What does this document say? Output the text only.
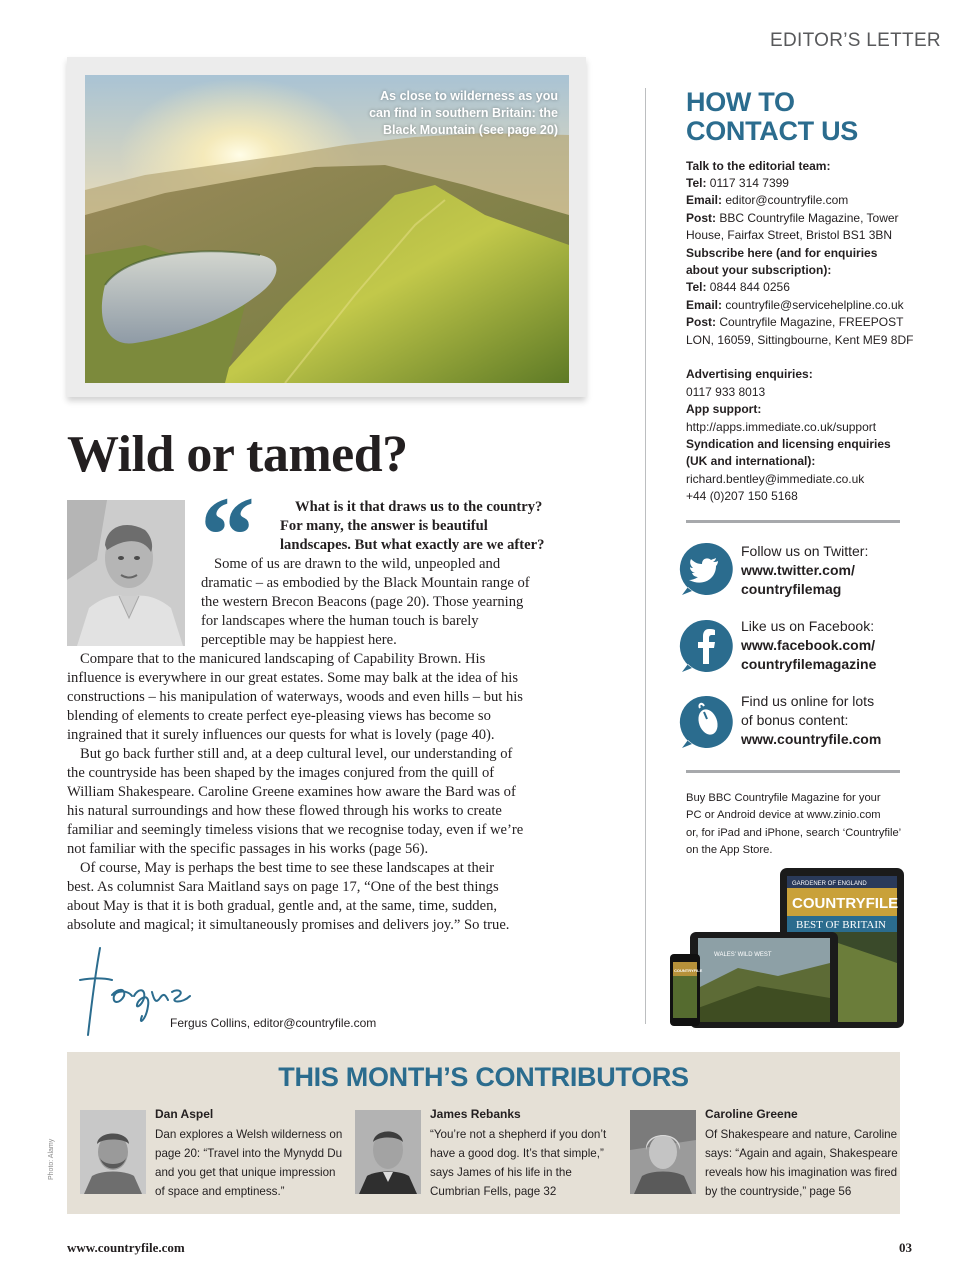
EDITOR’S LETTER
As close to wilderness as you
can find in southern Britain: the
Black Mountain (see page 20)
Wild or tamed?
“	What is it that draws us to the country?
For many, the answer is beautiful
landscapes. But what exactly are we after?
Some of us are drawn to the wild, unpeopled and
dramatic – as embodied by the Black Mountain range of
the western Brecon Beacons (page 20). Those yearning
for landscapes where the human touch is barely
perceptible may be happiest here.
Compare that to the manicured landscaping of Capability Brown. His
influence is everywhere in our great estates. Some may balk at the idea of his
constructions – his manipulation of waterways, woods and even hills – but his
blending of elements to create perfect eye-pleasing views has become so
ingrained that it surely influences our quests for what is lovely (page 40).
But go back further still and, at a deep cultural level, our understanding of
the countryside has been shaped by the images conjured from the quill of
William Shakespeare. Caroline Greene examines how aware the Bard was of
his natural surroundings and how these flowed through his works to create
familiar and seemingly timeless visions that we recognise today, even if we’re
not familiar with the specific passages in his works (page 56).
Of course, May is perhaps the best time to see these landscapes at their
best. As columnist Sara Maitland says on page 17, “One of the best things
about May is that it is both gradual, gentle and, at the same, time, sudden,
absolute and magical; it simultaneously promises and delivers joy.” So true.
Fergus Collins, editor@countryfile.com
HOW TO
CONTACT US
Talk to the editorial team:
Tel: 0117 314 7399
Email: editor@countryfile.com
Post: BBC Countryfile Magazine, Tower
House, Fairfax Street, Bristol BS1 3BN
Subscribe here (and for enquiries
about your subscription):
Tel: 0844 844 0256
Email: countryfile@servicehelpline.co.uk
Post: Countryfile Magazine, FREEPOST
LON, 16059, Sittingbourne, Kent ME9 8DF
Advertising enquiries:
0117 933 8013
App support:
http://apps.immediate.co.uk/support
Syndication and licensing enquiries
(UK and international):
richard.bentley@immediate.co.uk
+44 (0)207 150 5168
Follow us on Twitter:
www.twitter.com/
countryfilemag
Like us on Facebook:
www.facebook.com/
countryfilemagazine
Find us online for lots
of bonus content:
www.countryfile.com
Buy BBC Countryfile Magazine for your
PC or Android device at www.zinio.com
or, for iPad and iPhone, search ‘Countryfile’
on the App Store.
GARDENER OF ENGLAND
COUNTRYFILE
BEST OF BRITAIN
WALES' WILD WEST
COUNTRYFILE
THIS MONTH’S CONTRIBUTORS
Dan Aspel
Dan explores a Welsh wilderness on
page 20: “Travel into the Mynydd Du
and you get that unique impression
of space and emptiness.”
James Rebanks
“You’re not a shepherd if you don’t
have a good dog. It’s that simple,”
says James of his life in the
Cumbrian Fells, page 32
Caroline Greene
Of Shakespeare and nature, Caroline
says: “Again and again, Shakespeare
reveals how his imagination was fired
by the countryside,” page 56
Photo: Alamy
www.countryfile.com	03
